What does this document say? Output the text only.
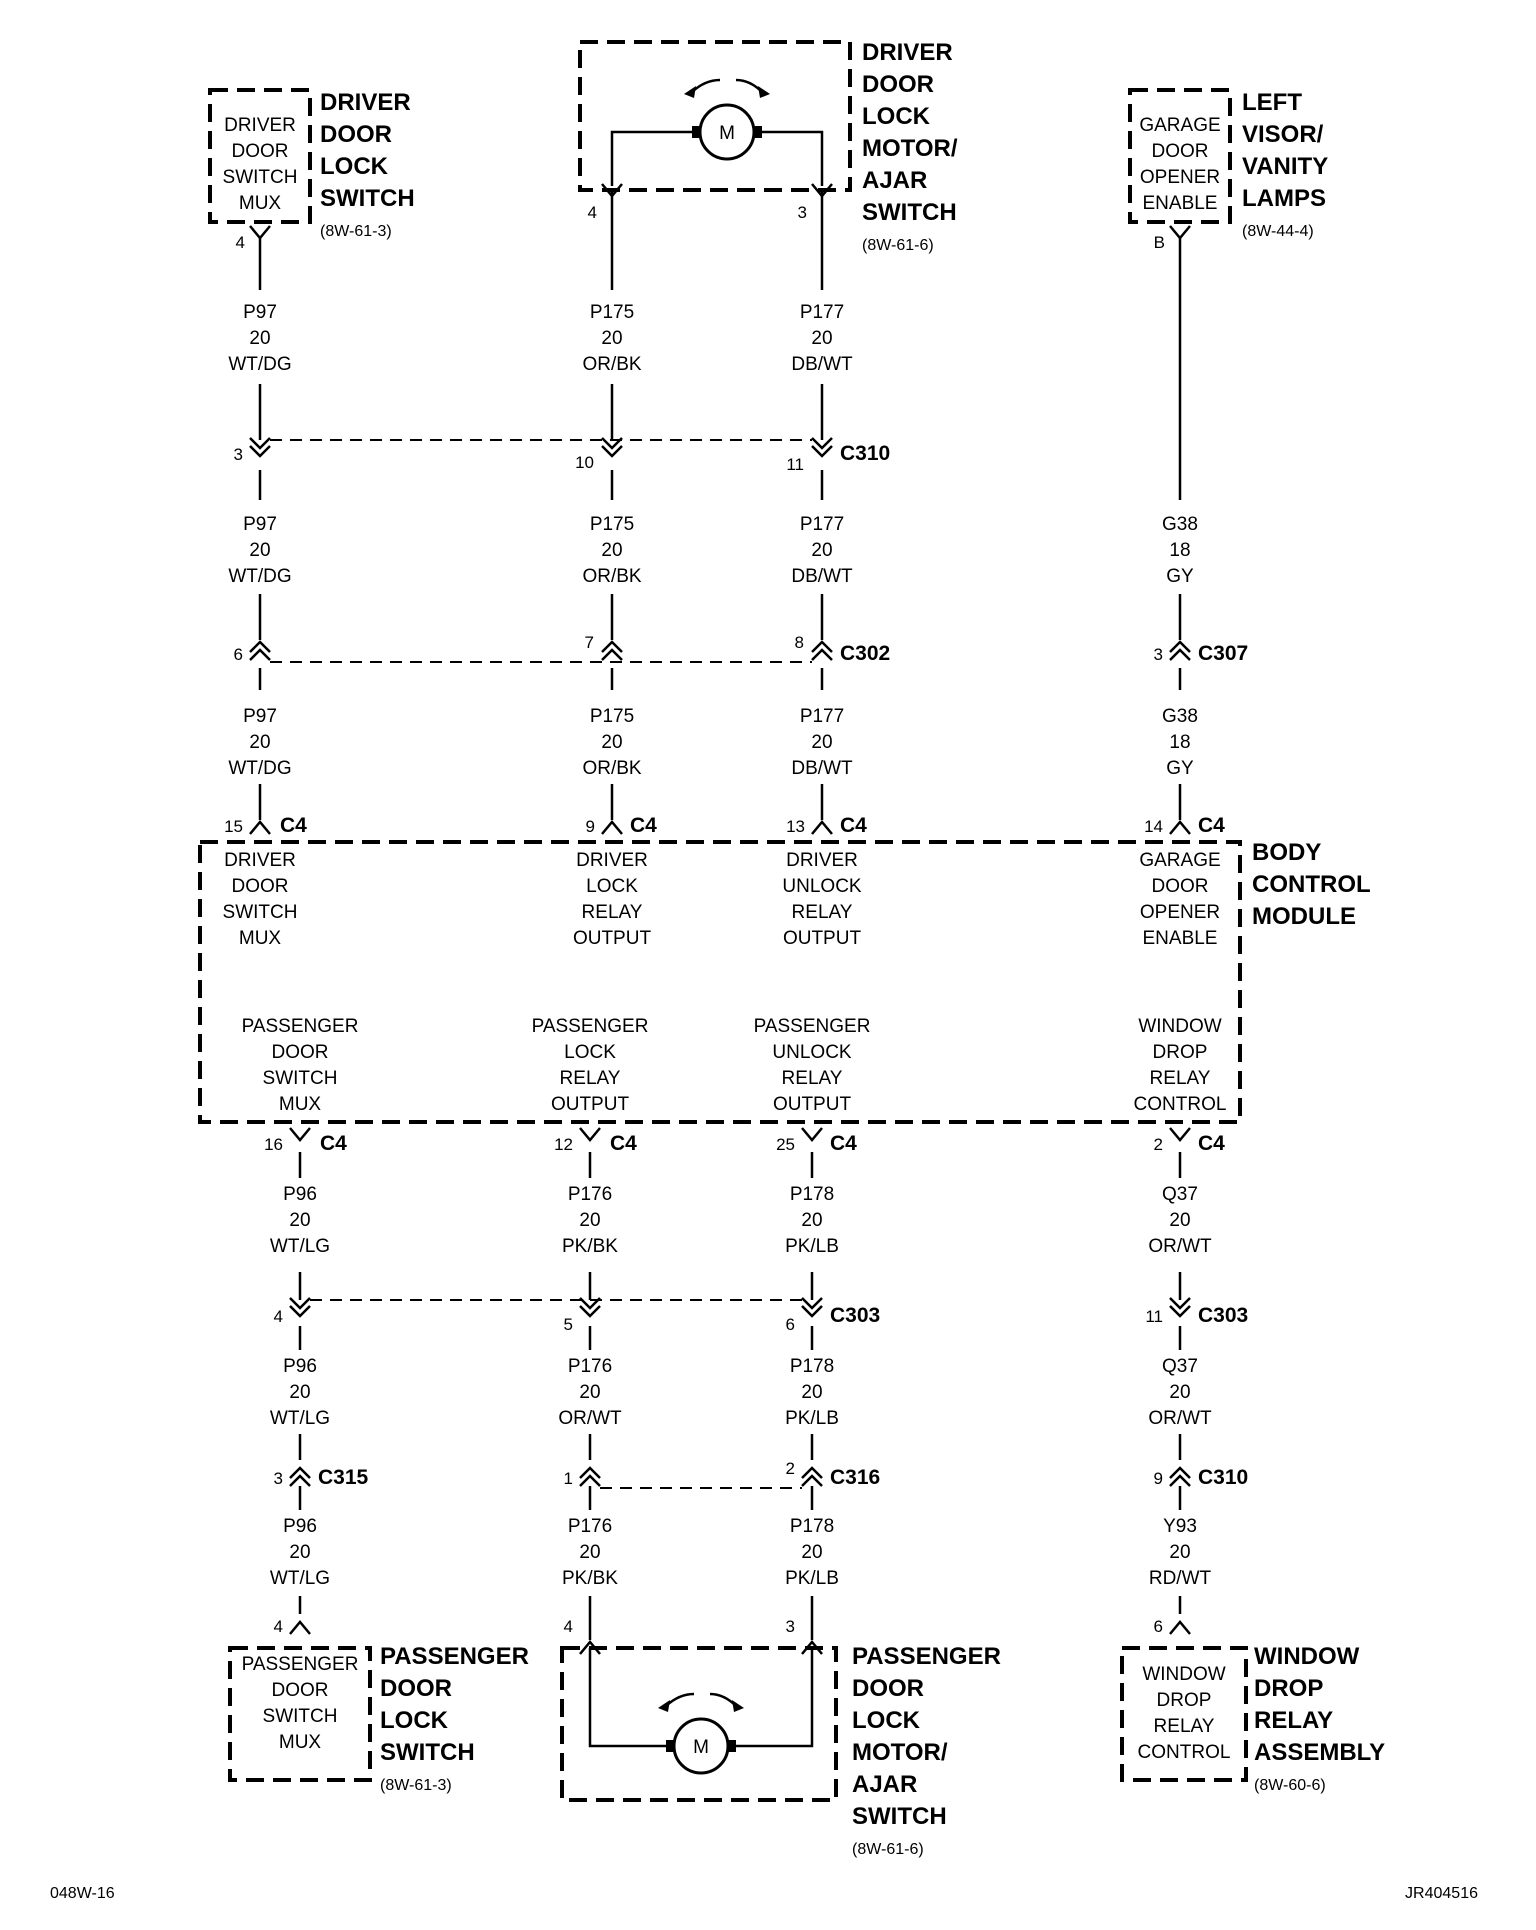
DRIVER
DOOR
SWITCH
MUX
DRIVER
DOOR
LOCK
SWITCH
(8W-61-3)
M
DRIVER
DOOR
LOCK
MOTOR/
AJAR
SWITCH
(8W-61-6)
GARAGE
DOOR
OPENER
ENABLE
LEFT
VISOR/
VANITY
LAMPS
(8W-44-4)
P97
20
WT/DG
P175
20
OR/BK
P177
20
DB/WT
P97
20
WT/DG
P175
20
OR/BK
P177
20
DB/WT
G38
18
GY
P97
20
WT/DG
P175
20
OR/BK
P177
20
DB/WT
G38
18
GY
4
4	3
B
3	10	11
6
7	8
3
15	9	13	14
C310
C302	C307
C4	C4	C4	C4
BODY
CONTROL
MODULE
DRIVER
DOOR
SWITCH
MUX
DRIVER
LOCK
RELAY
OUTPUT
DRIVER
UNLOCK
RELAY
OUTPUT
GARAGE
DOOR
OPENER
ENABLE
PASSENGER
DOOR
SWITCH
MUX
PASSENGER
LOCK
RELAY
OUTPUT
PASSENGER
UNLOCK
RELAY
OUTPUT
WINDOW
DROP
RELAY
CONTROL
16	12	25	2
4	5	6	11
3	1
2
9
4	4	3	6
C4	C4	C4	C4
C303	C303
C315	C316	C310
P96
20
WT/LG
P176
20
PK/BK
P178
20
PK/LB
Q37
20
OR/WT
P96
20
WT/LG
P176
20
OR/WT
P178
20
PK/LB
Q37
20
OR/WT
P96
20
WT/LG
P176
20
PK/BK
P178
20
PK/LB
Y93
20
RD/WT
PASSENGER
DOOR
SWITCH
MUX
PASSENGER
DOOR
LOCK
SWITCH
(8W-61-3)
M
PASSENGER
DOOR
LOCK
MOTOR/
AJAR
SWITCH
(8W-61-6)
WINDOW
DROP
RELAY
CONTROL
WINDOW
DROP
RELAY
ASSEMBLY
(8W-60-6)
048W-16	JR404516
